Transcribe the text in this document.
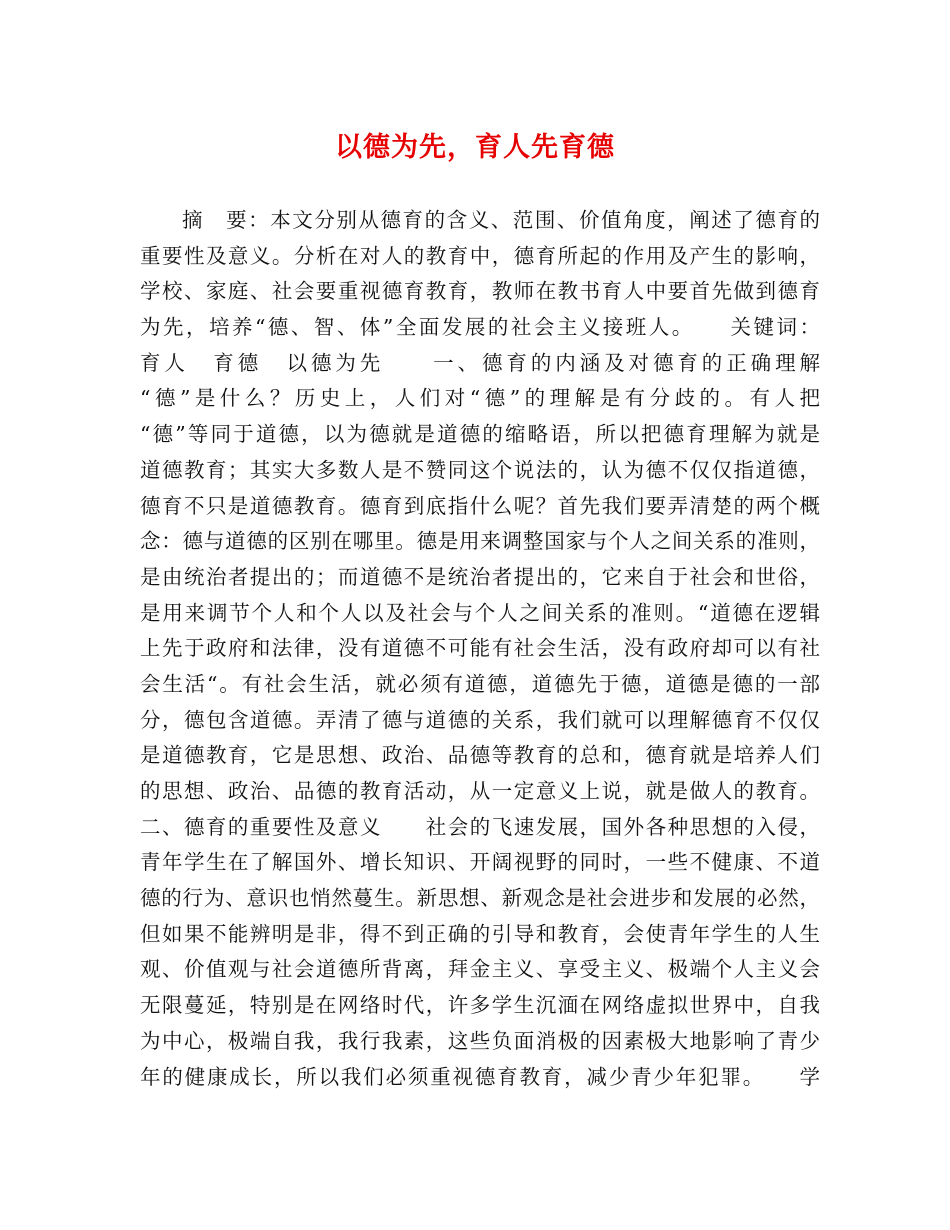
以德为先，育人先育德
摘　要：本文分别从德育的含义、范围、价值角度，阐述了德育的
重要性及意义。分析在对人的教育中，德育所起的作用及产生的影响，
学校、家庭、社会要重视德育教育，教师在教书育人中要首先做到德育
为先，培养“德、智、体”全面发展的社会主义接班人。　　关键词：
育人　育德　以德为先　　一、德育的内涵及对德育的正确理解
“德”是什么？历史上，人们对“德”的理解是有分歧的。有人把
“德”等同于道德，以为德就是道德的缩略语，所以把德育理解为就是
道德教育；其实大多数人是不赞同这个说法的，认为德不仅仅指道德，
德育不只是道德教育。德育到底指什么呢？首先我们要弄清楚的两个概
念：德与道德的区别在哪里。德是用来调整国家与个人之间关系的准则，
是由统治者提出的；而道德不是统治者提出的，它来自于社会和世俗，
是用来调节个人和个人以及社会与个人之间关系的准则。“道德在逻辑
上先于政府和法律，没有道德不可能有社会生活，没有政府却可以有社
会生活“。有社会生活，就必须有道德，道德先于德，道德是德的一部
分，德包含道德。弄清了德与道德的关系，我们就可以理解德育不仅仅
是道德教育，它是思想、政治、品德等教育的总和，德育就是培养人们
的思想、政治、品德的教育活动，从一定意义上说，就是做人的教育。
二、德育的重要性及意义　　社会的飞速发展，国外各种思想的入侵，
青年学生在了解国外、增长知识、开阔视野的同时，一些不健康、不道
德的行为、意识也悄然蔓生。新思想、新观念是社会进步和发展的必然，
但如果不能辨明是非，得不到正确的引导和教育，会使青年学生的人生
观、价值观与社会道德所背离，拜金主义、享受主义、极端个人主义会
无限蔓延，特别是在网络时代，许多学生沉湎在网络虚拟世界中，自我
为中心，极端自我，我行我素，这些负面消极的因素极大地影响了青少
年的健康成长，所以我们必须重视德育教育，减少青少年犯罪。　　学
